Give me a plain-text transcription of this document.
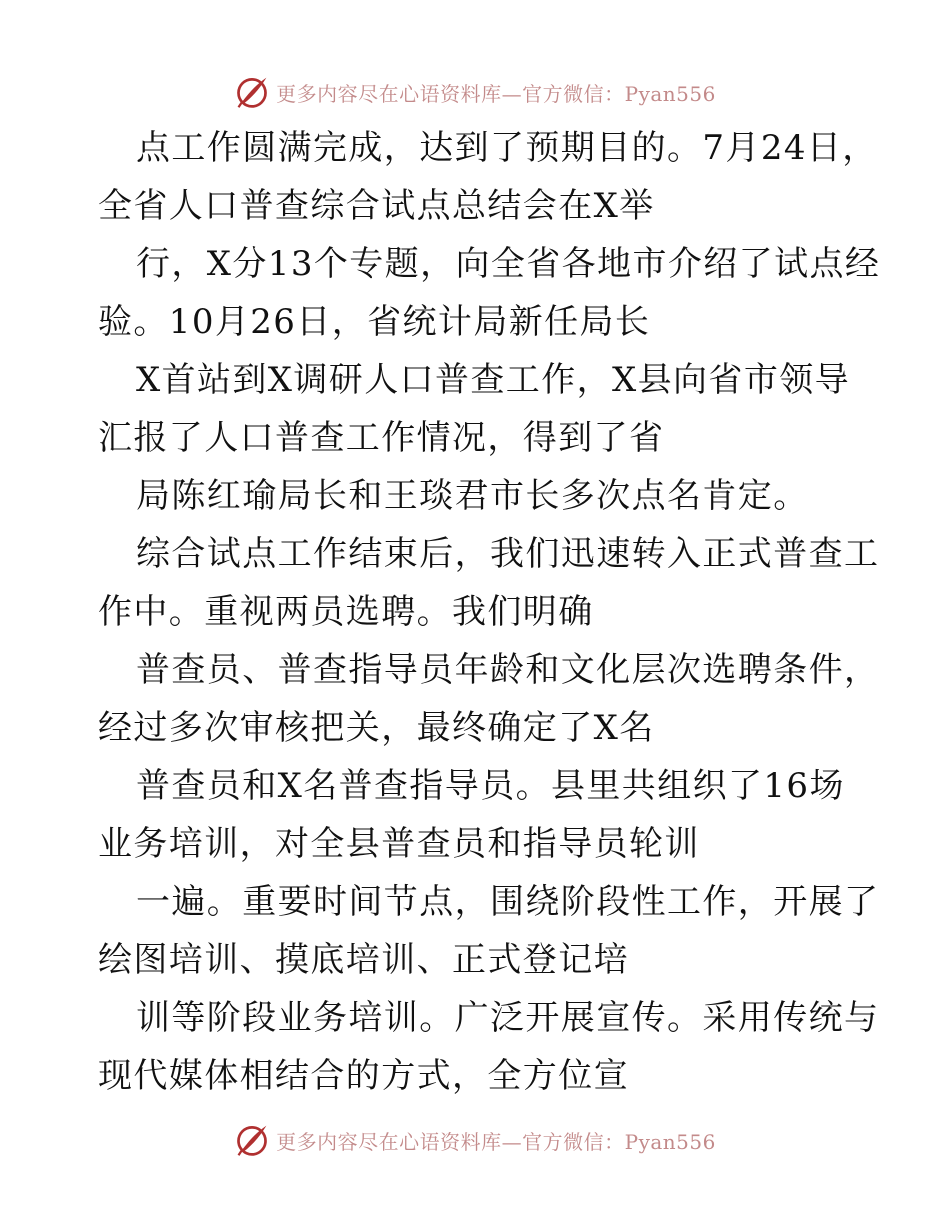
更多内容尽在心语资料库—官方微信：Pyan556
点工作圆满完成，达到了预期目的。7月24日，
全省人口普查综合试点总结会在X举
行，X分13个专题，向全省各地市介绍了试点经
验。10月26日，省统计局新任局长
X首站到X调研人口普查工作，X县向省市领导
汇报了人口普查工作情况，得到了省
局陈红瑜局长和王琰君市长多次点名肯定。
综合试点工作结束后，我们迅速转入正式普查工
作中。重视两员选聘。我们明确
普查员、普查指导员年龄和文化层次选聘条件，
经过多次审核把关，最终确定了X名
普查员和X名普查指导员。县里共组织了16场
业务培训，对全县普查员和指导员轮训
一遍。重要时间节点，围绕阶段性工作，开展了
绘图培训、摸底培训、正式登记培
训等阶段业务培训。广泛开展宣传。采用传统与
现代媒体相结合的方式，全方位宣
更多内容尽在心语资料库—官方微信：Pyan556
